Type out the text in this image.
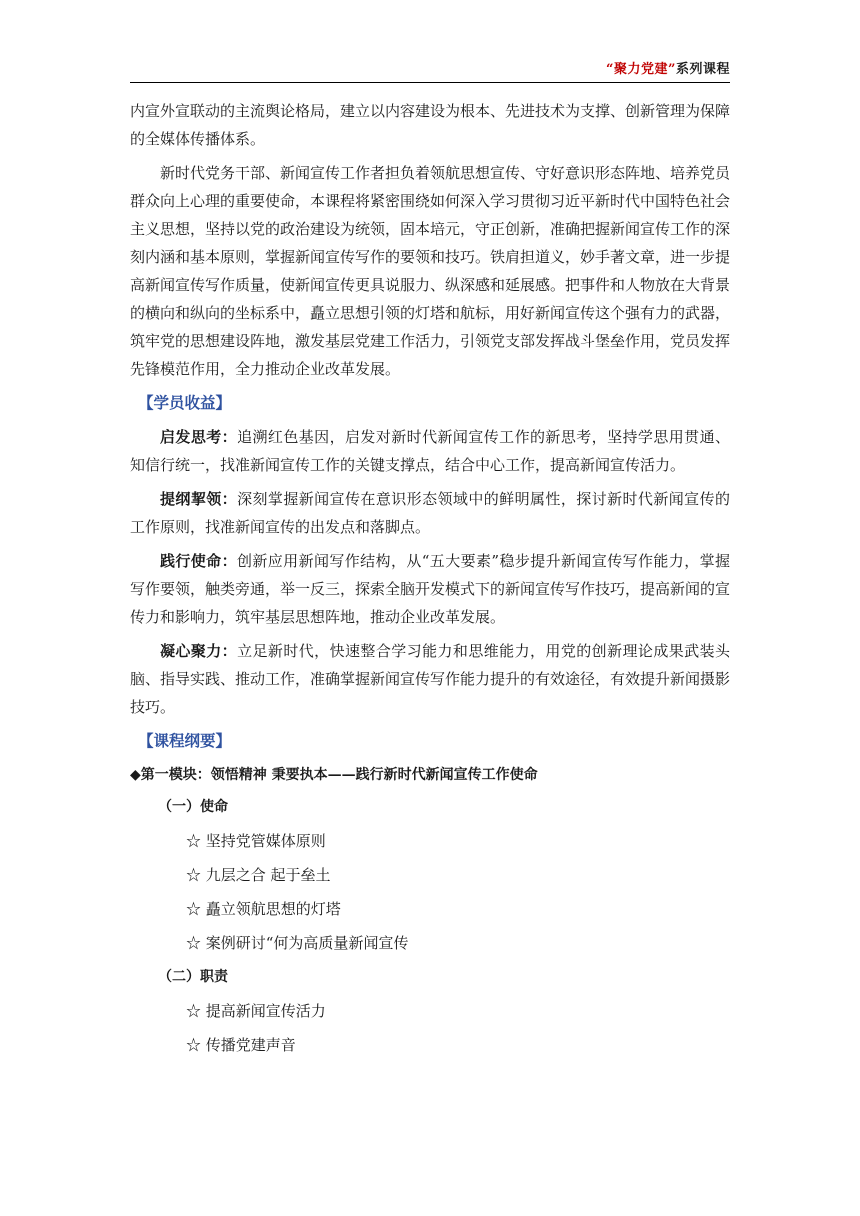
“聚力党建”系列课程

内宣外宣联动的主流舆论格局，建立以内容建设为根本、先进技术为支撑、创新管理为保障的全媒体传播体系。

新时代党务干部、新闻宣传工作者担负着领航思想宣传、守好意识形态阵地、培养党员群众向上心理的重要使命，本课程将紧密围绕如何深入学习贯彻习近平新时代中国特色社会主义思想，坚持以党的政治建设为统领，固本培元，守正创新，准确把握新闻宣传工作的深刻内涵和基本原则，掌握新闻宣传写作的要领和技巧。铁肩担道义，妙手著文章，进一步提高新闻宣传写作质量，使新闻宣传更具说服力、纵深感和延展感。把事件和人物放在大背景的横向和纵向的坐标系中，矗立思想引领的灯塔和航标，用好新闻宣传这个强有力的武器，筑牢党的思想建设阵地，激发基层党建工作活力，引领党支部发挥战斗堡垒作用，党员发挥先锋模范作用，全力推动企业改革发展。

【学员收益】

启发思考：追溯红色基因，启发对新时代新闻宣传工作的新思考，坚持学思用贯通、知信行统一，找准新闻宣传工作的关键支撑点，结合中心工作，提高新闻宣传活力。

提纲挈领：深刻掌握新闻宣传在意识形态领域中的鲜明属性，探讨新时代新闻宣传的工作原则，找准新闻宣传的出发点和落脚点。

践行使命：创新应用新闻写作结构，从“五大要素”稳步提升新闻宣传写作能力，掌握写作要领，触类旁通，举一反三，探索全脑开发模式下的新闻宣传写作技巧，提高新闻的宣传力和影响力，筑牢基层思想阵地，推动企业改革发展。

凝心聚力：立足新时代，快速整合学习能力和思维能力，用党的创新理论成果武装头脑、指导实践、推动工作，准确掌握新闻宣传写作能力提升的有效途径，有效提升新闻摄影技巧。

【课程纲要】
◆第一模块：领悟精神 秉要执本——践行新时代新闻宣传工作使命
（一）使命
☆ 坚持党管媒体原则
☆ 九层之合 起于垒土
☆ 矗立领航思想的灯塔
☆ 案例研讨“何为高质量新闻宣传
（二）职责
☆ 提高新闻宣传活力
☆ 传播党建声音
